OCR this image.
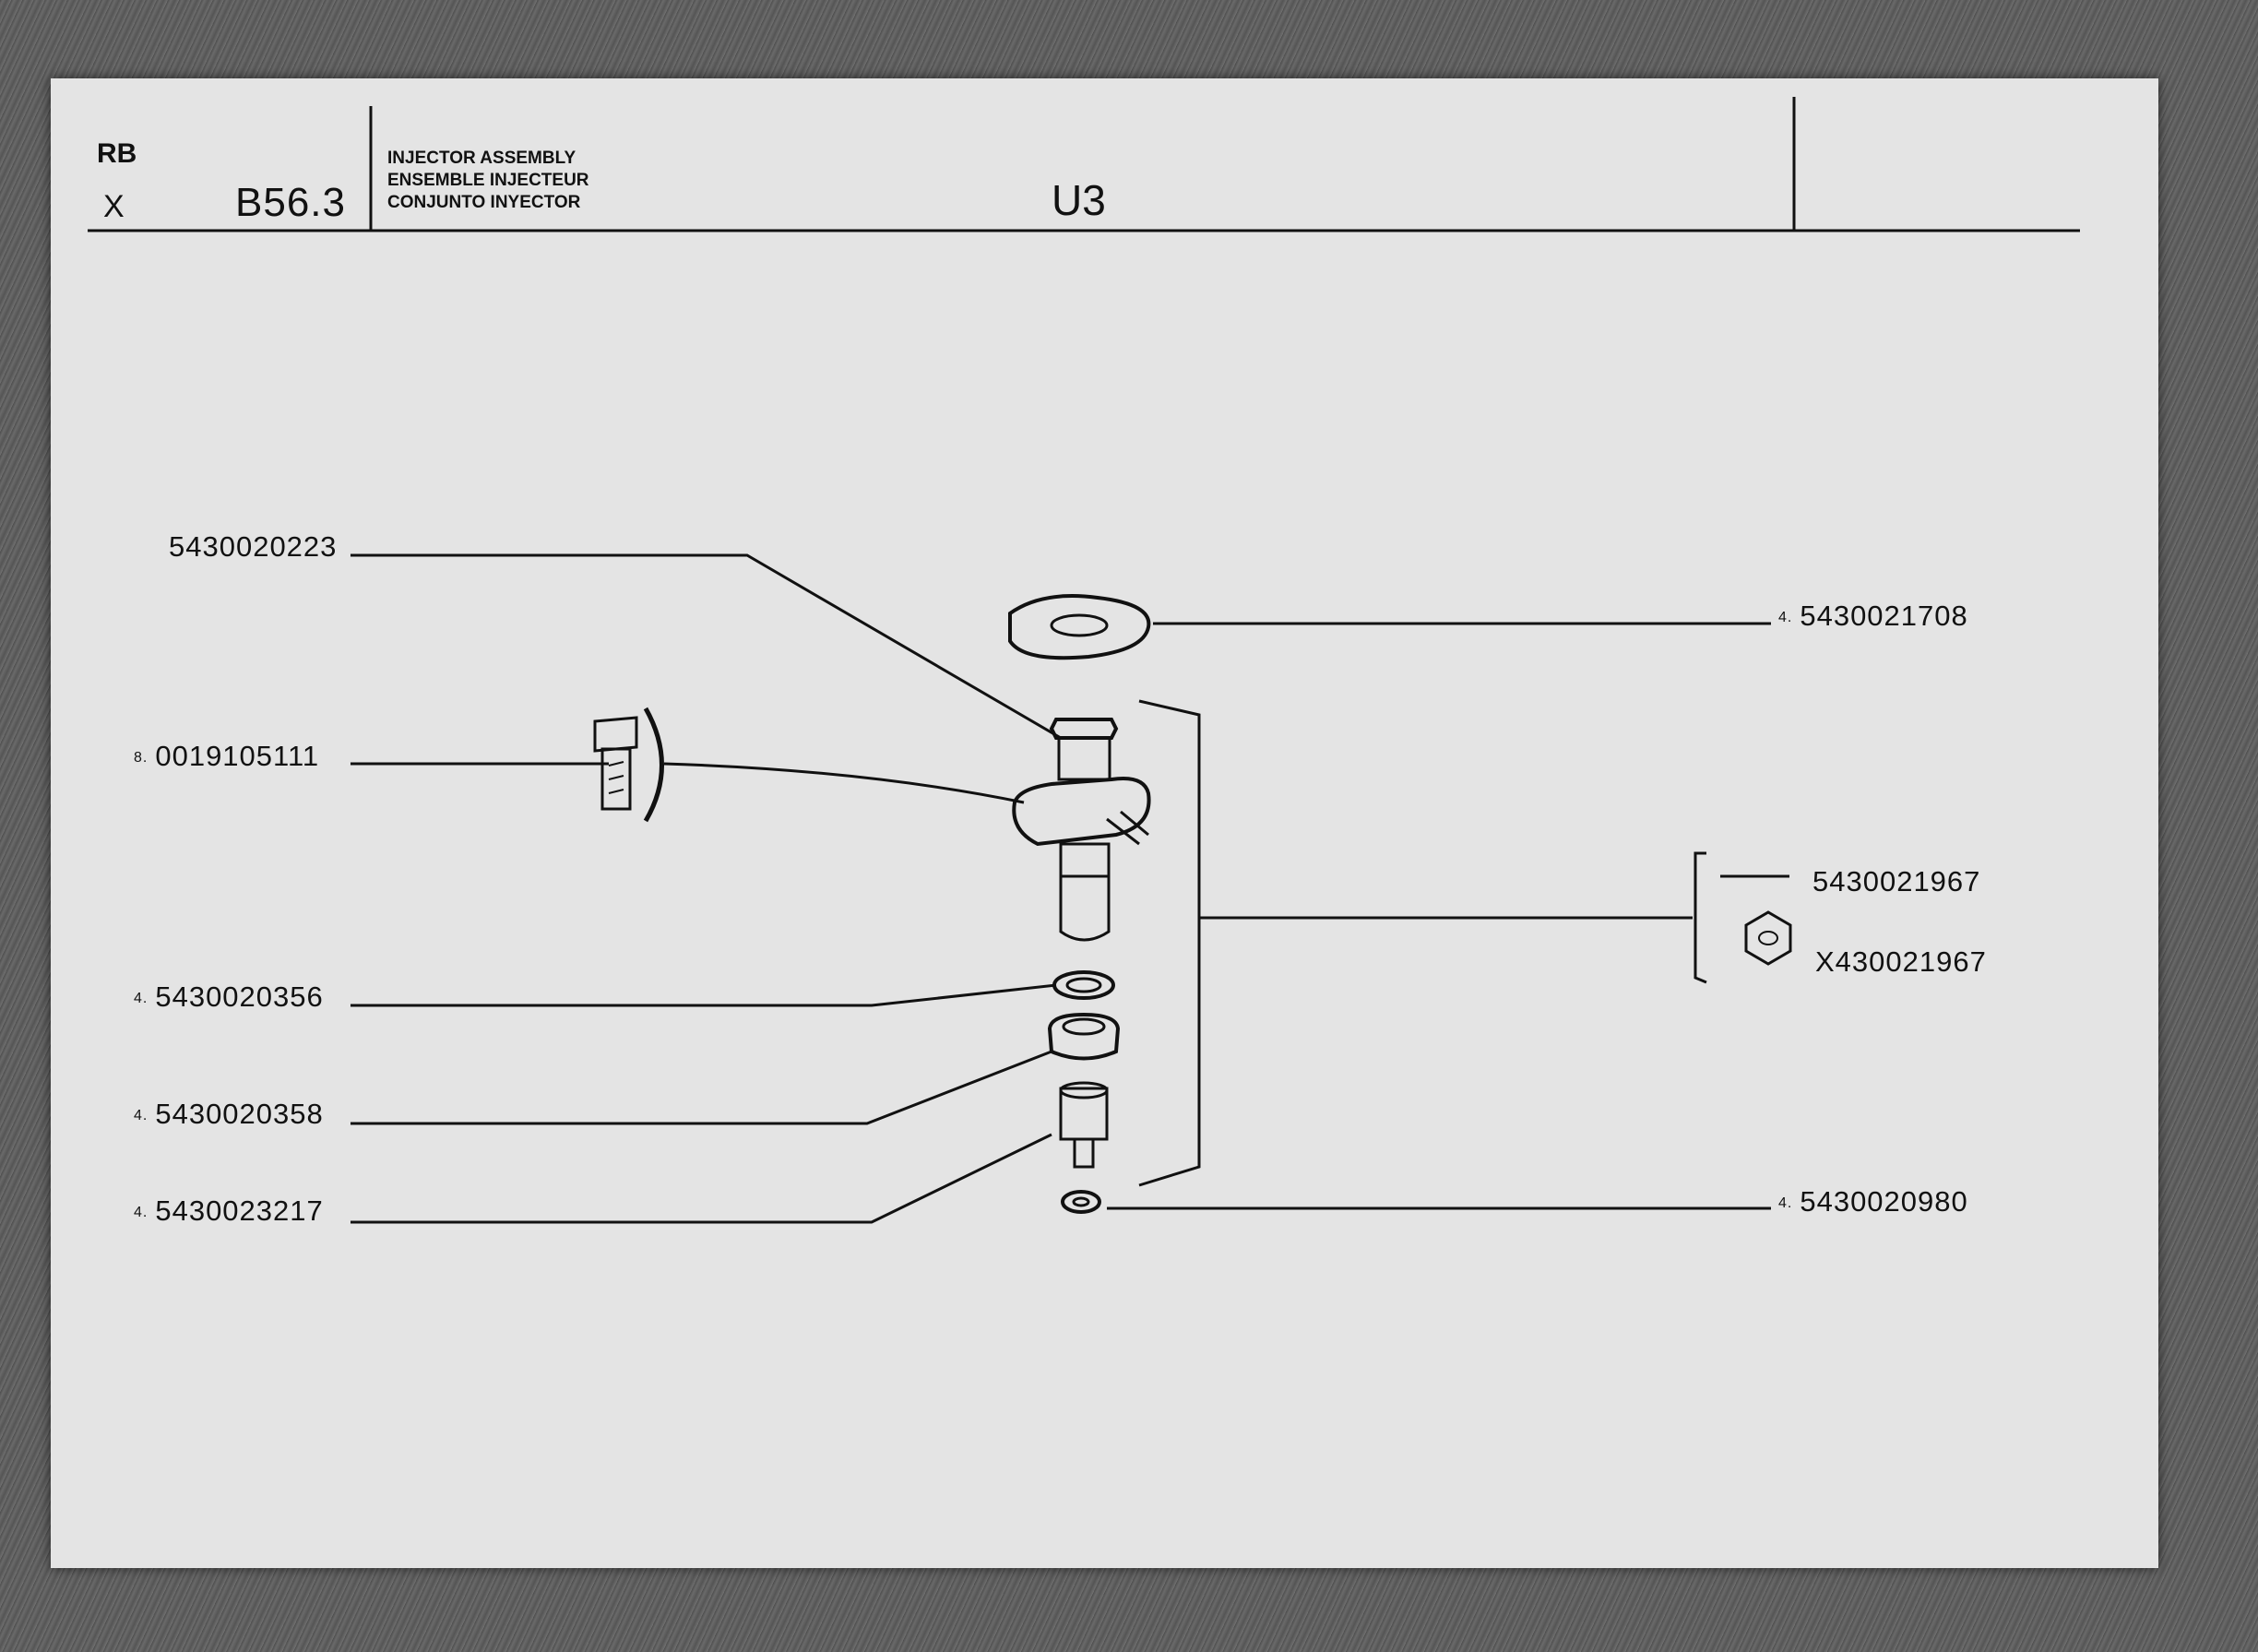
RB
X	B56.3
INJECTOR ASSEMBLY
ENSEMBLE INJECTEUR
CONJUNTO INYECTOR	U3
5430020223
8. 0019105111
4. 5430020356
4. 5430020358
4. 5430023217
4. 5430021708
5430021967
X430021967
4. 5430020980
